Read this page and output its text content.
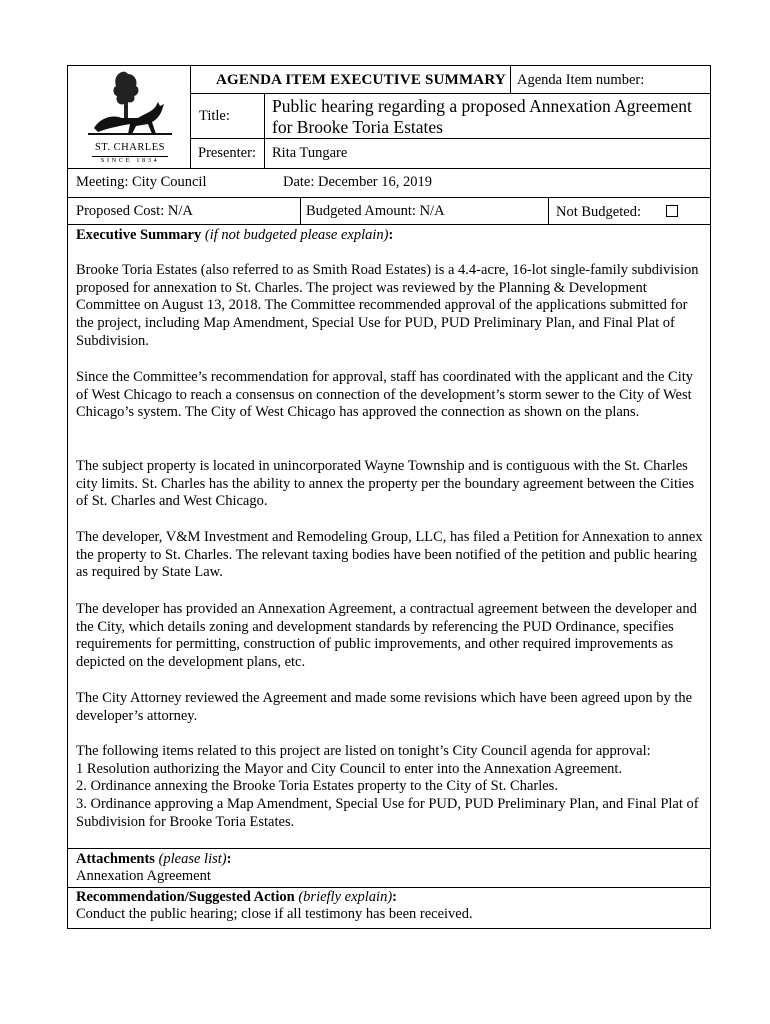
ST. CHARLES
SINCE 1834
AGENDA ITEM EXECUTIVE SUMMARY Agenda Item number:
Title: Public hearing regarding a proposed Annexation Agreement for Brooke Toria Estates
Presenter: Rita Tungare
Meeting: City Council	Date: December 16, 2019
Proposed Cost: N/A	Budgeted Amount: N/A	Not Budgeted:
Executive Summary (if not budgeted please explain):
Brooke Toria Estates (also referred to as Smith Road Estates) is a 4.4-acre, 16-lot single-family subdivision proposed for annexation to St. Charles. The project was reviewed by the Planning & Development Committee on August 13, 2018. The Committee recommended approval of the applications submitted for the project, including Map Amendment, Special Use for PUD, PUD Preliminary Plan, and Final Plat of Subdivision.
Since the Committee’s recommendation for approval, staff has coordinated with the applicant and the City of West Chicago to reach a consensus on connection of the development’s storm sewer to the City of West Chicago’s system. The City of West Chicago has approved the connection as shown on the plans.
The subject property is located in unincorporated Wayne Township and is contiguous with the St. Charles city limits. St. Charles has the ability to annex the property per the boundary agreement between the Cities of St. Charles and West Chicago.
The developer, V&M Investment and Remodeling Group, LLC, has filed a Petition for Annexation to annex the property to St. Charles. The relevant taxing bodies have been notified of the petition and public hearing as required by State Law.
The developer has provided an Annexation Agreement, a contractual agreement between the developer and the City, which details zoning and development standards by referencing the PUD Ordinance, specifies requirements for permitting, construction of public improvements, and other required improvements as depicted on the development plans, etc.
The City Attorney reviewed the Agreement and made some revisions which have been agreed upon by the developer’s attorney.

The following items related to this project are listed on tonight’s City Council agenda for approval:

1 Resolution authorizing the Mayor and City Council to enter into the Annexation Agreement.

2. Ordinance annexing the Brooke Toria Estates property to the City of St. Charles.

3. Ordinance approving a Map Amendment, Special Use for PUD, PUD Preliminary Plan, and Final Plat of Subdivision for Brooke Toria Estates.

Attachments (please list):
Annexation Agreement
Recommendation/Suggested Action (briefly explain):
Conduct the public hearing; close if all testimony has been received.
